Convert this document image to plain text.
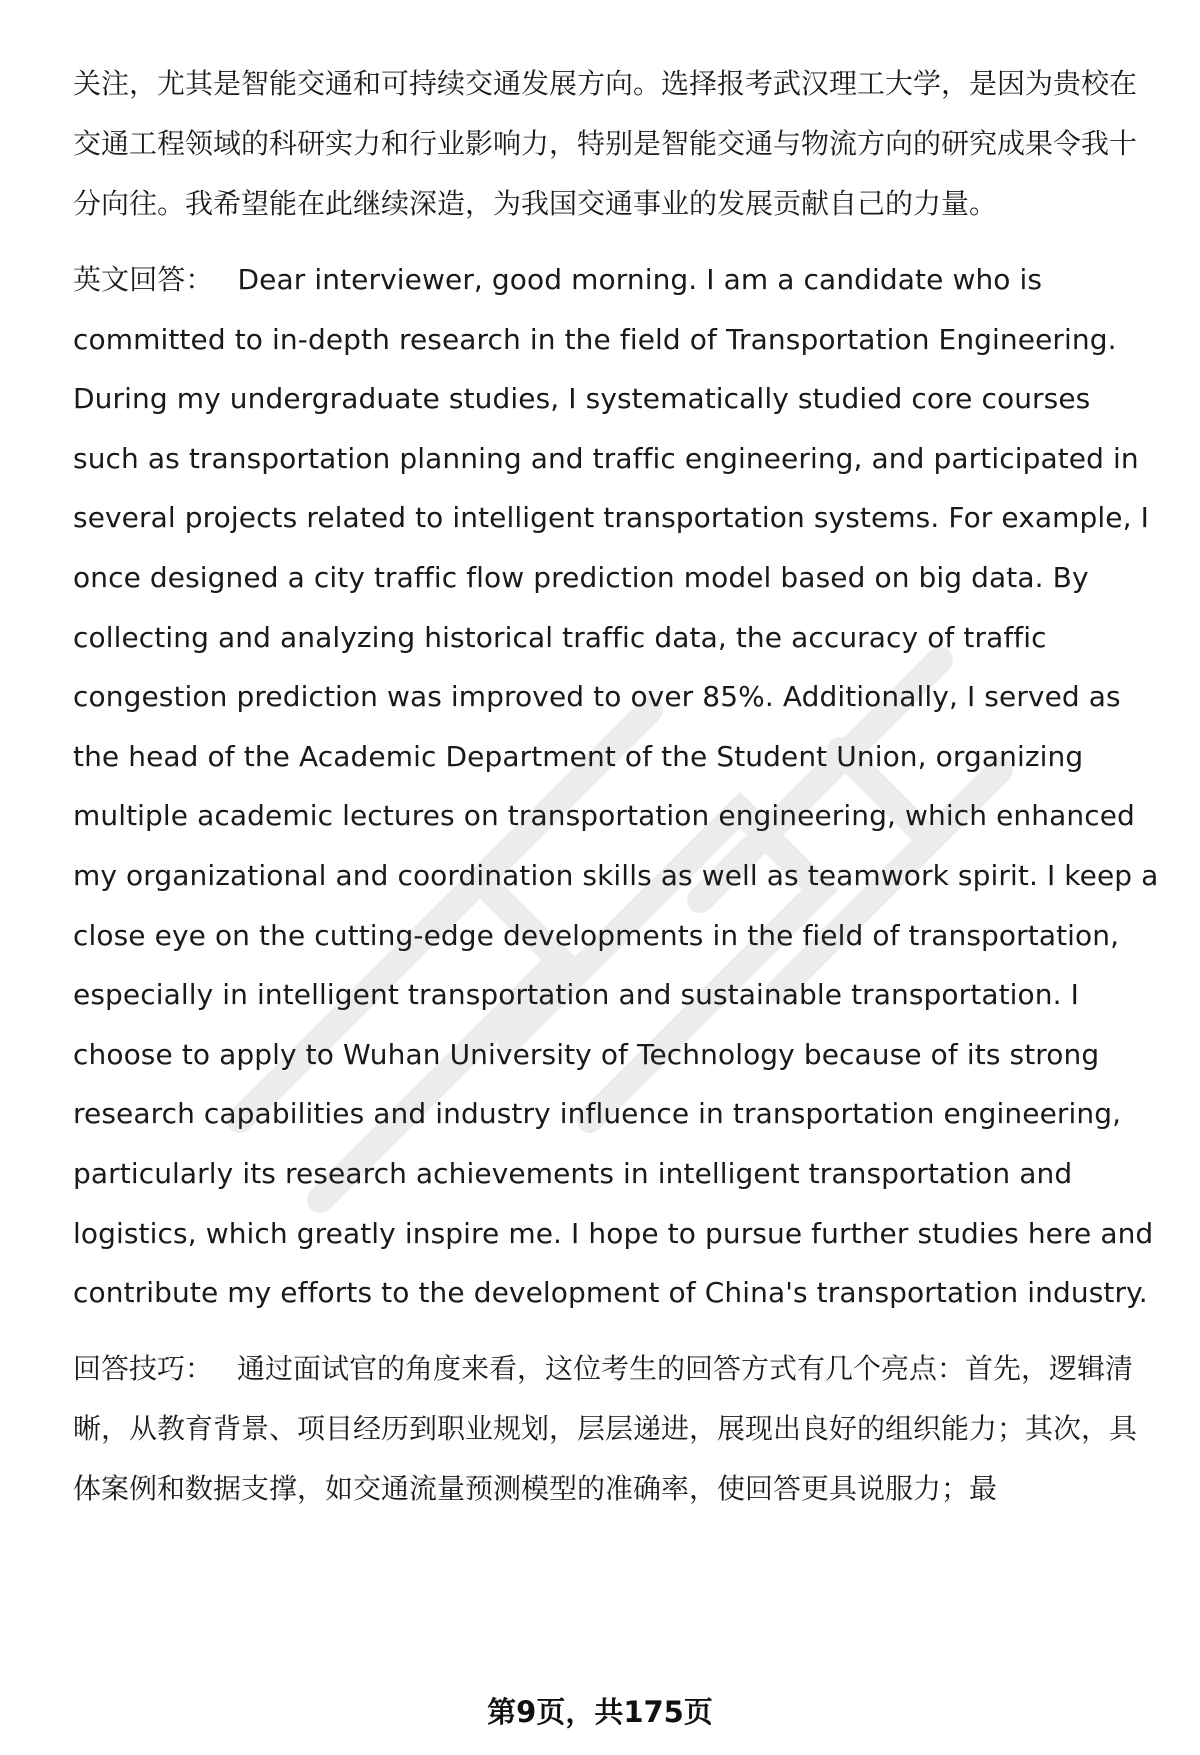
关注，尤其是智能交通和可持续交通发展方向。选择报考武汉理工大学，是因为贵校在交通工程领域的科研实力和行业影响力，特别是智能交通与物流方向的研究成果令我十分向往。我希望能在此继续深造，为我国交通事业的发展贡献自己的力量。

英文回答： Dear interviewer, good morning. I am a candidate who is committed to in-depth research in the field of Transportation Engineering. During my undergraduate studies, I systematically studied core courses such as transportation planning and traffic engineering, and participated in several projects related to intelligent transportation systems. For example, I once designed a city traffic flow prediction model based on big data. By collecting and analyzing historical traffic data, the accuracy of traffic congestion prediction was improved to over 85%. Additionally, I served as the head of the Academic Department of the Student Union, organizing multiple academic lectures on transportation engineering, which enhanced my organizational and coordination skills as well as teamwork spirit. I keep a close eye on the cutting-edge developments in the field of transportation, especially in intelligent transportation and sustainable transportation. I choose to apply to Wuhan University of Technology because of its strong research capabilities and industry influence in transportation engineering, particularly its research achievements in intelligent transportation and logistics, which greatly inspire me. I hope to pursue further studies here and contribute my efforts to the development of China's transportation industry.

回答技巧： 通过面试官的角度来看，这位考生的回答方式有几个亮点：首先，逻辑清晰，从教育背景、项目经历到职业规划，层层递进，展现出良好的组织能力；其次，具体案例和数据支撑，如交通流量预测模型的准确率，使回答更具说服力；最

第9页，共175页
